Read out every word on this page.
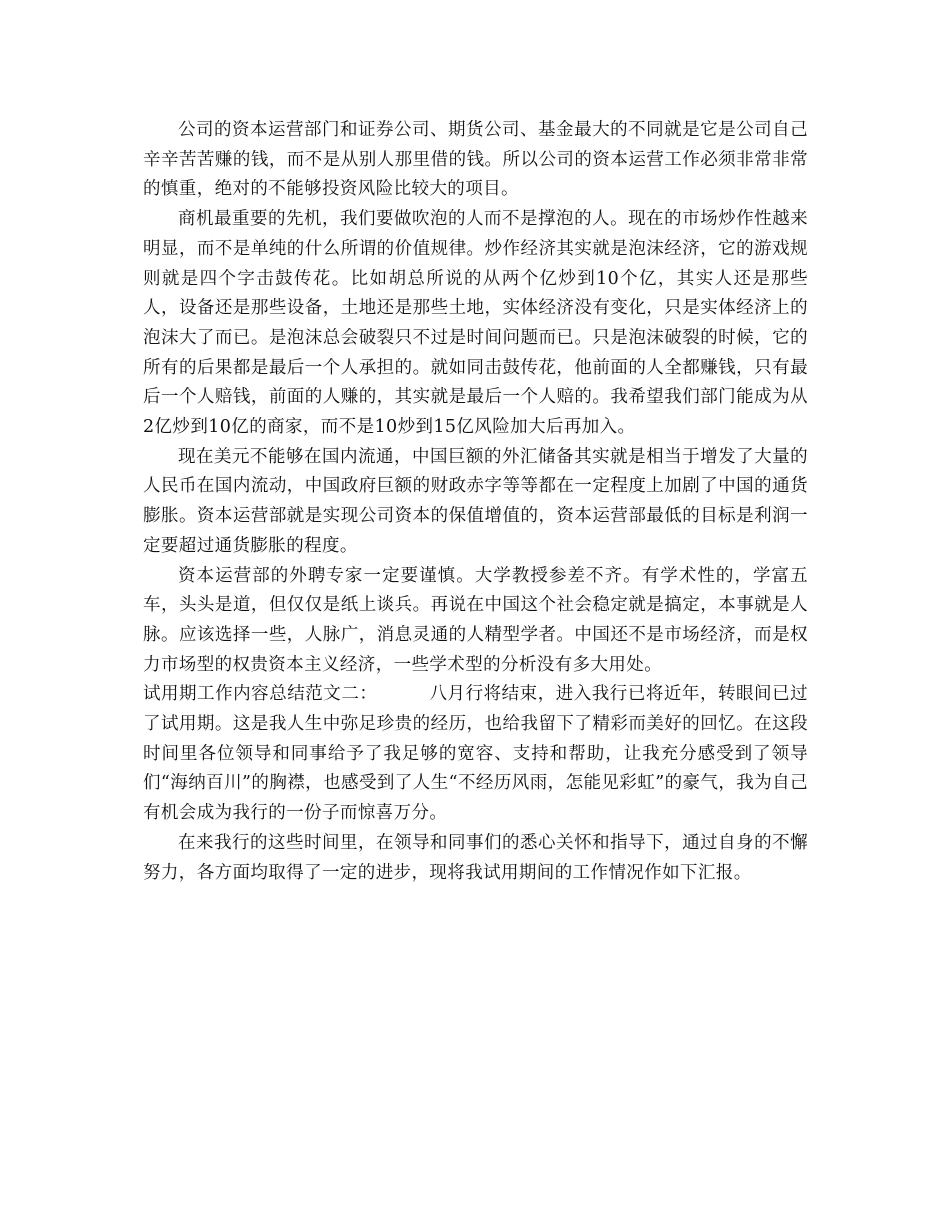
公司的资本运营部门和证券公司、期货公司、基金最大的不同就是它是公司自己辛辛苦苦赚的钱，而不是从别人那里借的钱。所以公司的资本运营工作必须非常非常的慎重，绝对的不能够投资风险比较大的项目。

商机最重要的先机，我们要做吹泡的人而不是撑泡的人。现在的市场炒作性越来明显，而不是单纯的什么所谓的价值规律。炒作经济其实就是泡沫经济，它的游戏规则就是四个字击鼓传花。比如胡总所说的从两个亿炒到10个亿，其实人还是那些人，设备还是那些设备，土地还是那些土地，实体经济没有变化，只是实体经济上的泡沫大了而已。是泡沫总会破裂只不过是时间问题而已。只是泡沫破裂的时候，它的所有的后果都是最后一个人承担的。就如同击鼓传花，他前面的人全都赚钱，只有最后一个人赔钱，前面的人赚的，其实就是最后一个人赔的。我希望我们部门能成为从2亿炒到10亿的商家，而不是10炒到15亿风险加大后再加入。

现在美元不能够在国内流通，中国巨额的外汇储备其实就是相当于增发了大量的人民币在国内流动，中国政府巨额的财政赤字等等都在一定程度上加剧了中国的通货膨胀。资本运营部就是实现公司资本的保值增值的，资本运营部最低的目标是利润一定要超过通货膨胀的程度。

资本运营部的外聘专家一定要谨慎。大学教授参差不齐。有学术性的，学富五车，头头是道，但仅仅是纸上谈兵。再说在中国这个社会稳定就是搞定，本事就是人脉。应该选择一些，人脉广，消息灵通的人精型学者。中国还不是市场经济，而是权力市场型的权贵资本主义经济，一些学术型的分析没有多大用处。

试用期工作内容总结范文二：	八月行将结束，进入我行已将近年，转眼间已过了试用期。这是我人生中弥足珍贵的经历，也给我留下了精彩而美好的回忆。在这段时间里各位领导和同事给予了我足够的宽容、支持和帮助，让我充分感受到了领导们“海纳百川”的胸襟，也感受到了人生“不经历风雨，怎能见彩虹”的豪气，我为自己有机会成为我行的一份子而惊喜万分。

在来我行的这些时间里，在领导和同事们的悉心关怀和指导下，通过自身的不懈努力，各方面均取得了一定的进步，现将我试用期间的工作情况作如下汇报。
